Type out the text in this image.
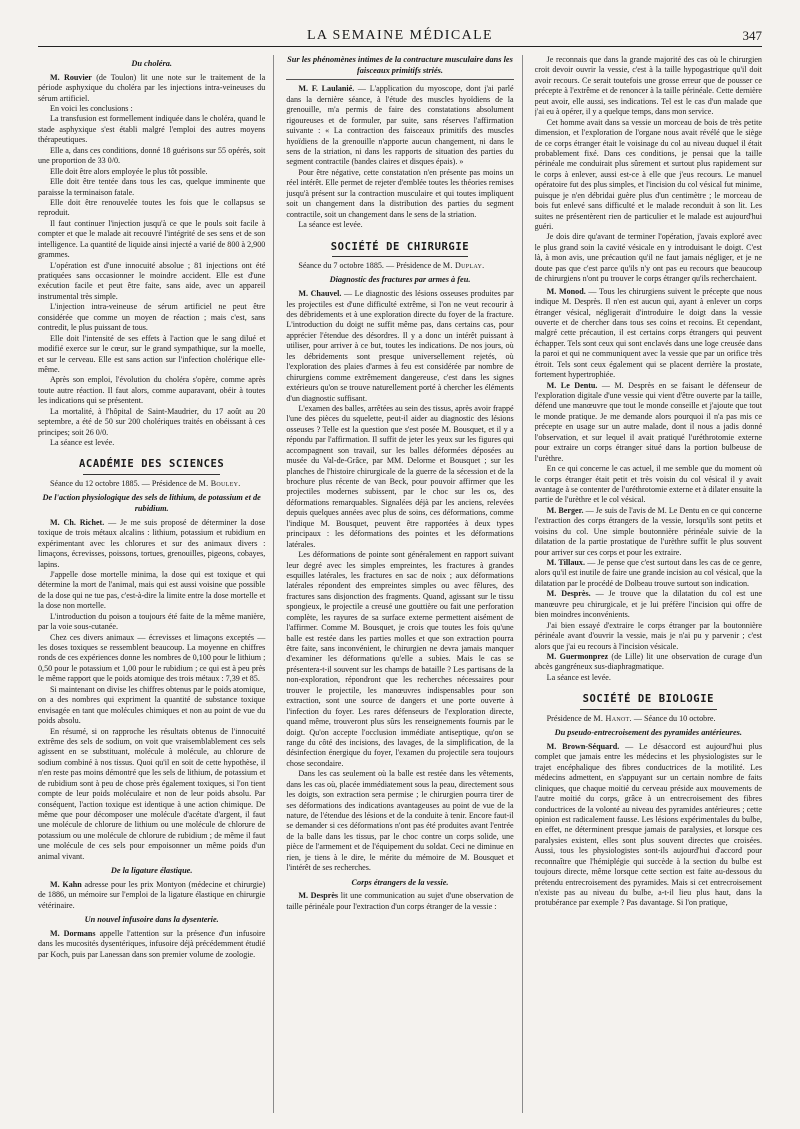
LA SEMAINE MÉDICALE	347
Du choléra.

M. Rouvier (de Toulon) lit une note sur le traitement de la période asphyxique du choléra par les injections intra-veineuses du sérum artificiel.

En voici les conclusions :

La transfusion est formellement indiquée dans le choléra, quand le stade asphyxique s'est établi malgré l'emploi des autres moyens thérapeutiques.

Elle a, dans ces conditions, donné 18 guérisons sur 55 opérés, soit une proportion de 33 0/0.

Elle doit être alors employée le plus tôt possible.

Elle doit être tentée dans tous les cas, quelque imminente que paraisse la terminaison fatale.

Elle doit être renouvelée toutes les fois que le collapsus se reproduit.

Il faut continuer l'injection jusqu'à ce que le pouls soit facile à compter et que le malade ait recouvré l'intégrité de ses sens et de son intelligence. La quantité de liquide ainsi injecté a varié de 800 à 2,900 grammes.

L'opération est d'une innocuité absolue ; 81 injections ont été pratiquées sans occasionner le moindre accident. Elle est d'une exécution facile et peut être faite, sans aide, avec un appareil instrumental très simple.

L'injection intra-veineuse de sérum artificiel ne peut être considérée que comme un moyen de réaction ; mais c'est, sans contredit, le plus puissant de tous.

Elle doit l'intensité de ses effets à l'action que le sang dilué et modifié exerce sur le cœur, sur le grand sympathique, sur la moelle, et sur le cerveau. Elle est sans action sur l'infection cholérique elle-même.

Après son emploi, l'évolution du choléra s'opère, comme après toute autre réaction. Il faut alors, comme auparavant, obéir à toutes les indications qui se présentent.

La mortalité, à l'hôpital de Saint-Maudrier, du 17 août au 20 septembre, a été de 50 sur 200 cholériques traités en obéissant à ces principes; soit 26 0/0.

La séance est levée.

ACADÉMIE DES SCIENCES

Séance du 12 octobre 1885. — Présidence de M. Bouley.

De l'action physiologique des sels de lithium, de potassium et de rubidium.

M. Ch. Richet. — Je me suis proposé de déterminer la dose toxique de trois métaux alcalins : lithium, potassium et rubidium en expérimentant avec les chlorures et sur des animaux divers : limaçons, écrevisses, poissons, tortues, grenouilles, pigeons, cobayes, lapins.

J'appelle dose mortelle minima, la dose qui est toxique et qui détermine la mort de l'animal, mais qui est aussi voisine que possible de la dose qui ne tue pas, c'est-à-dire la limite entre la dose mortelle et la dose non mortelle.

L'introduction du poison a toujours été faite de la même manière, par la voie sous-cutanée.

Chez ces divers animaux — écrevisses et limaçons exceptés — les doses toxiques se ressemblent beaucoup. La moyenne en chiffres ronds de ces expériences donne les nombres de 0,100 pour le lithium ; 0,50 pour le potassium et 1,00 pour le rubidium ; ce qui est à peu près le même rapport que le poids atomique des trois métaux : 7,39 et 85.

Si maintenant on divise les chiffres obtenus par le poids atomique, on a des nombres qui expriment la quantité de substance toxique envisagée en tant que molécules chimiques et non au point de vue du poids absolu.

En résumé, si on rapproche les résultats obtenus de l'innocuité extrême des sels de sodium, on voit que vraisemblablement ces sels agissent en se substituant, molécule à molécule, au chlorure de sodium combiné à nos tissus. Quoi qu'il en soit de cette hypothèse, il n'en reste pas moins démontré que les sels de lithium, de potassium et de rubidium sont à peu de chose près également toxiques, si l'on tient compte de leur poids moléculaire et non de leur poids absolu. Par conséquent, l'action toxique est identique à une action chimique. De même que pour décomposer une molécule d'acétate d'argent, il faut une molécule de chlorure de lithium ou une molécule de chlorure de potassium ou une molécule de chlorure de rubidium ; de même il faut une molécule de ces sels pour empoisonner un même poids d'un animal vivant.

De la ligature élastique.

M. Kahn adresse pour les prix Montyon (médecine et chirurgie) de 1886, un mémoire sur l'emploi de la ligature élastique en chirurgie vétérinaire.

Un nouvel infusoire dans la dysenterie.

M. Dormans appelle l'attention sur la présence d'un infusoire dans les mucosités dysentériques, infusoire déjà précédemment étudié par Koch, puis par Lanessan dans son premier volume de zoologie.

Sur les phénomènes intimes de la contracture musculaire dans les faisceaux primitifs striés.

M. F. Laulanié. — L'application du myoscope, dont j'ai parlé dans la dernière séance, à l'étude des muscles hyoïdiens de la grenouille, m'a permis de faire des constatations absolument rigoureuses et de formuler, par suite, sans réserves l'affirmation suivante : « La contraction des faisceaux primitifs des muscles hyoïdiens de la grenouille n'apporte aucun changement, ni dans le sens de la striation, ni dans les rapports de situation des parties du segment contractile (bandes claires et disques épais). »

Pour être négative, cette constatation n'en présente pas moins un réel intérêt. Elle permet de rejeter d'emblée toutes les théories remises jusqu'à présent sur la contraction musculaire et qui toutes impliquent soit un changement dans la distribution des parties du segment contractile, soit un changement dans le sens de la striation.

La séance est levée.

SOCIÉTÉ DE CHIRURGIE

Séance du 7 octobre 1885. — Présidence de M. Duplay.

Diagnostic des fractures par armes à feu.

M. Chauvel. — Le diagnostic des lésions osseuses produites par les projectiles est d'une difficulté extrême, si l'on ne veut recourir à des débridements et à une exploration directe du foyer de la fracture. L'introduction du doigt ne suffit même pas, dans certains cas, pour apprécier l'étendue des désordres. Il y a donc un intérêt puissant à utiliser, pour arriver à ce but, toutes les indications. De nos jours, où les débridements sont presque universellement rejetés, où l'exploration des plaies d'armes à feu est considérée par nombre de chirurgiens comme extrêmement dangereuse, c'est dans les signes extérieurs qu'on se trouve naturellement porté à chercher les éléments d'un diagnostic suffisant.

L'examen des balles, arrêtées au sein des tissus, après avoir frappé l'une des pièces du squelette, peut-il aider au diagnostic des lésions osseuses ? Telle est la question que s'est posée M. Bousquet, et il y a répondu par l'affirmation. Il suffit de jeter les yeux sur les figures qui accompagnent son travail, sur les balles déformées déposées au musée du Val-de-Grâce, par MM. Delorme et Bousquet ; sur les planches de l'histoire chirurgicale de la guerre de la sécession et de la brochure plus récente de van Beck, pour pouvoir affirmer que les projectiles modernes subissent, par le choc sur les os, des déformations remarquables. Signalées déjà par les anciens, relevées depuis quelques années avec plus de soins, ces déformations, comme l'indique M. Bousquet, peuvent être rapportées à deux types principaux : les déformations des pointes et les déformations latérales.

Les déformations de pointe sont généralement en rapport suivant leur degré avec les simples empreintes, les fractures à grandes esquilles latérales, les fractures en sac de noix ; aux déformations latérales répondent des empreintes simples ou avec fêlures, des fractures sans disjonction des fragments. Quand, agissant sur le tissu spongieux, le projectile a creusé une gouttière ou fait une perforation complète, les rayures de sa surface externe permettent aisément de l'affirmer. Comme M. Bousquet, je crois que toutes les fois qu'une balle est restée dans les parties molles et que son extraction pourra être faite, sans inconvénient, le chirurgien ne devra jamais manquer d'examiner les déformations qu'elle a subies. Mais le cas se présentera-t-il souvent sur les champs de bataille ? Les partisans de la non-exploration, répondront que les recherches nécessaires pour trouver le projectile, les manœuvres indispensables pour son extraction, sont une source de dangers et une porte ouverte à l'infection du foyer. Les rares défenseurs de l'exploration directe, quand même, trouveront plus sûrs les renseignements fournis par le doigt. Qu'on accepte l'occlusion immédiate antiseptique, qu'on se range du côté des incisions, des lavages, de la simplification, de la désinfection énergique du foyer, l'examen du projectile sera toujours chose secondaire.

Dans les cas seulement où la balle est restée dans les vêtements, dans les cas où, placée immédiatement sous la peau, directement sous les doigts, son extraction sera permise ; le chirurgien pourra tirer de ses déformations des indications avantageuses au point de vue de la nature, de l'étendue des lésions et de la conduite à tenir. Encore faut-il se demander si ces déformations n'ont pas été produites avant l'entrée de la balle dans les tissus, par le choc contre un corps solide, une pièce de l'armement et de l'équipement du soldat. Ceci ne diminue en rien, je tiens à le dire, le mérite du mémoire de M. Bousquet et l'intérêt de ses recherches.

Corps étrangers de la vessie.

M. Desprès lit une communication au sujet d'une observation de taille périnéale pour l'extraction d'un corps étranger de la vessie :

Je reconnais que dans la grande majorité des cas où le chirurgien croit devoir ouvrir la vessie, c'est à la taille hypogastrique qu'il doit avoir recours. Ce serait toutefois une grosse erreur que de pousser ce précepte à l'extrême et de renoncer à la taille périnéale. Cette dernière peut avoir, elle aussi, ses indications. Tel est le cas d'un malade que j'ai eu à opérer, il y a quelque temps, dans mon service.

Cet homme avait dans sa vessie un morceau de bois de très petite dimension, et l'exploration de l'organe nous avait révélé que le siège de ce corps étranger était le voisinage du col au niveau duquel il était probablement fixé. Dans ces conditions, je pensai que la taille périnéale me conduirait plus sûrement et surtout plus rapidement sur le corps à enlever, aussi est-ce à elle que j'eus recours. Le manuel opératoire fut des plus simples, et l'incision du col vésical fut minime, puisque je n'en débridai guère plus d'un centimètre ; le morceau de bois fut enlevé sans difficulté et le malade reconduit à son lit. Les suites ne présentèrent rien de particulier et le malade est aujourd'hui guéri.

Je dois dire qu'avant de terminer l'opération, j'avais exploré avec le plus grand soin la cavité vésicale en y introduisant le doigt. C'est là, à mon avis, une précaution qu'il ne faut jamais négliger, et je ne doute pas que c'est parce qu'ils n'y ont pas eu recours que beaucoup de chirurgiens n'ont pu trouver le corps étranger qu'ils recherchaient.

M. Monod. — Tous les chirurgiens suivent le précepte que nous indique M. Desprès. Il n'en est aucun qui, ayant à enlever un corps étranger vésical, négligerait d'introduire le doigt dans la vessie ouverte et de chercher dans tous ses coins et recoins. Et cependant, malgré cette précaution, il est certains corps étrangers qui peuvent échapper. Tels sont ceux qui sont enclavés dans une loge creusée dans la paroi et qui ne communiquent avec la vessie que par un orifice très étroit. Tels sont ceux également qui se placent derrière la prostate, fortement hypertrophiée.

M. Le Dentu. — M. Desprès en se faisant le défenseur de l'exploration digitale d'une vessie qui vient d'être ouverte par la taille, défend une manœuvre que tout le monde conseille et j'ajoute que tout le monde pratique. Je me demande alors pourquoi il n'a pas mis ce précepte en usage sur un autre malade, dont il nous a jadis donné l'observation, et sur lequel il avait pratiqué l'uréthrotomie externe pour extraire un corps étranger situé dans la portion bulbeuse de l'urèthre.

En ce qui concerne le cas actuel, il me semble que du moment où le corps étranger était petit et très voisin du col vésical il y avait avantage à se contenter de l'uréthrotomie externe et à dilater ensuite la partie de l'urèthre et le col vésical.

M. Berger. — Je suis de l'avis de M. Le Dentu en ce qui concerne l'extraction des corps étrangers de la vessie, lorsqu'ils sont petits et voisins du col. Une simple boutonnière périnéale suivie de la dilatation de la partie prostatique de l'urèthre suffit le plus souvent pour arriver sur ces corps et pour les extraire.

M. Tillaux. — Je pense que c'est surtout dans les cas de ce genre, alors qu'il est inutile de faire une grande incision au col vésical, que la dilatation par le procédé de Dolbeau trouve surtout son indication.

M. Desprès. — Je trouve que la dilatation du col est une manœuvre peu chirurgicale, et je lui préfère l'incision qui offre de bien moindres inconvénients.

J'ai bien essayé d'extraire le corps étranger par la boutonnière périnéale avant d'ouvrir la vessie, mais je n'ai pu y parvenir ; c'est alors que j'ai eu recours à l'incision vésicale.

M. Guermonprez (de Lille) lit une observation de curage d'un abcès gangréneux sus-diaphragmatique.

La séance est levée.

SOCIÉTÉ DE BIOLOGIE

Présidence de M. Hanot. — Séance du 10 octobre.

Du pseudo-entrecroisement des pyramides antérieures.

M. Brown-Séquard. — Le désaccord est aujourd'hui plus complet que jamais entre les médecins et les physiologistes sur le trajet encéphalique des fibres conductrices de la motilité. Les médecins admettent, en s'appuyant sur un certain nombre de faits cliniques, que chaque moitié du cerveau préside aux mouvements de l'autre moitié du corps, grâce à un entrecroisement des fibres conductrices de la volonté au niveau des pyramides antérieures ; cette opinion est radicalement fausse. Les lésions expérimentales du bulbe, en effet, ne déterminent presque jamais de paralysies, et lorsque ces paralysies existent, elles sont plus souvent directes que croisées. Aussi, tous les physiologistes sont-ils aujourd'hui d'accord pour reconnaître que l'hémiplégie qui succède à la section du bulbe est toujours directe, même lorsque cette section est faite au-dessous du prétendu entrecroisement des pyramides. Mais si cet entrecroisement n'existe pas au niveau du bulbe, a-t-il lieu plus haut, dans la protubérance par exemple ? Pas davantage. Si l'on pratique,
